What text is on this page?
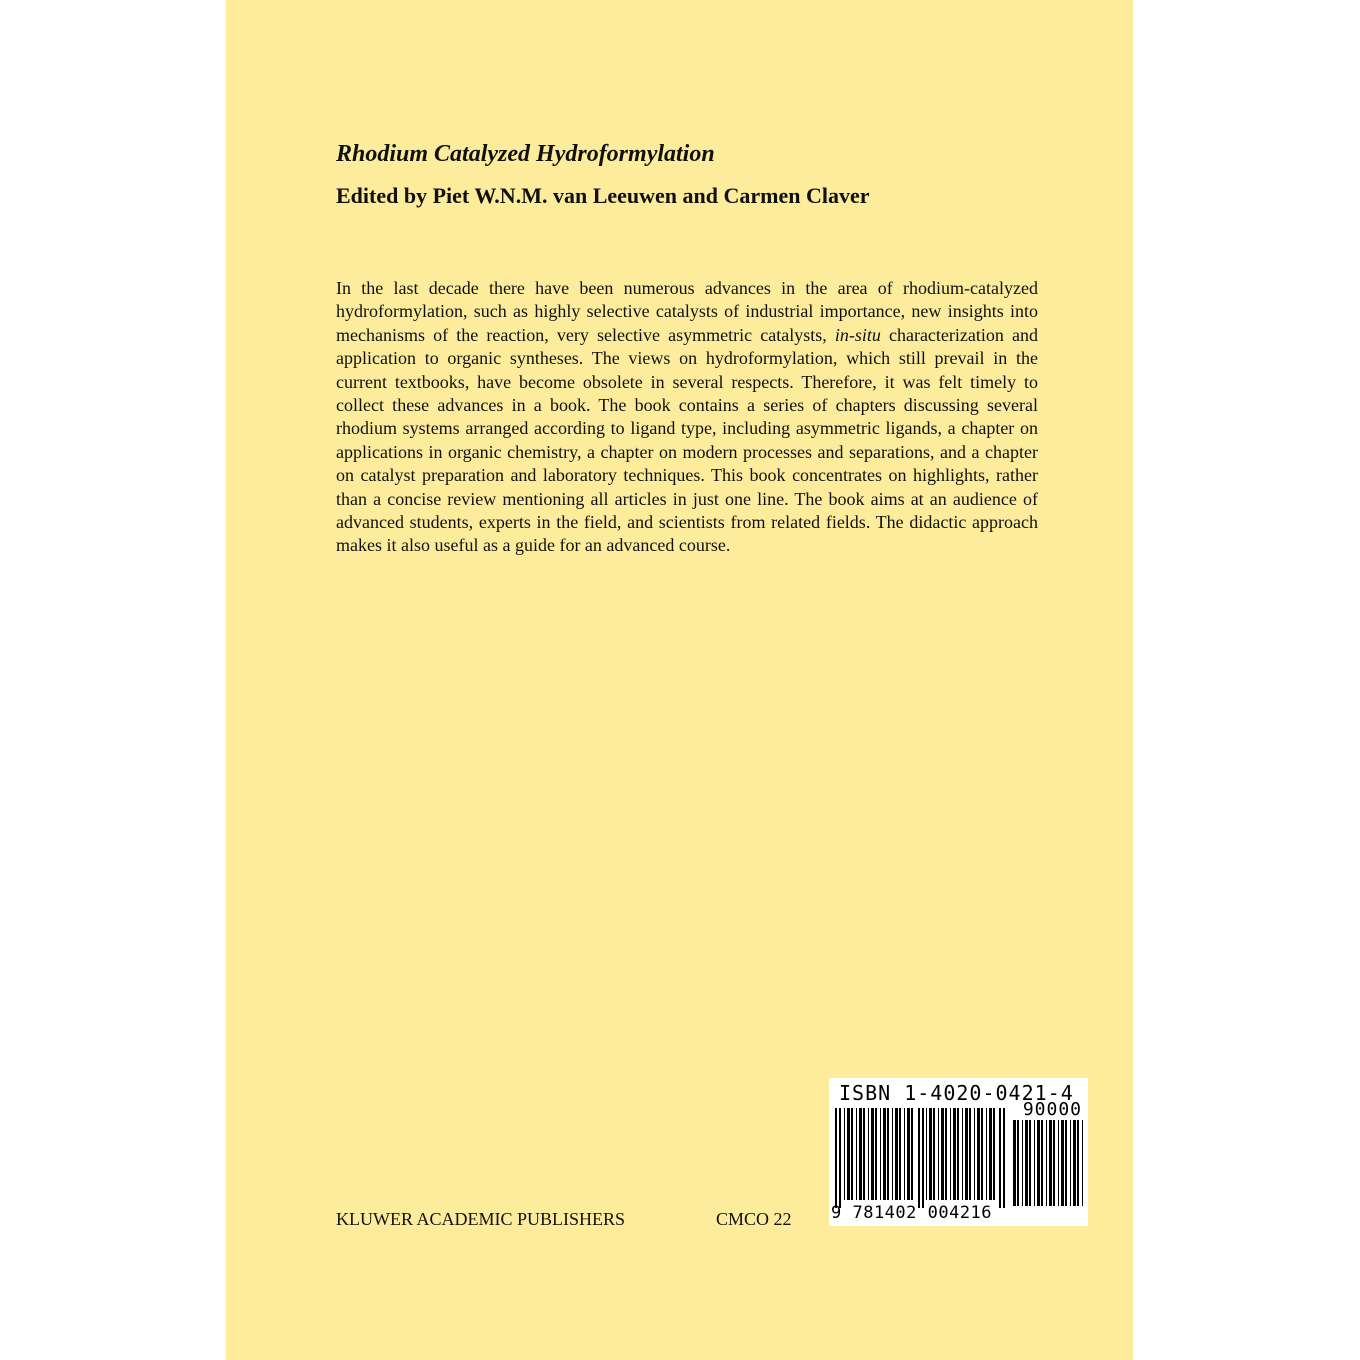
Rhodium Catalyzed Hydroformylation
Edited by Piet W.N.M. van Leeuwen and Carmen Claver

In the last decade there have been numerous advances in the area of rhodium-catalyzed hydroformylation, such as highly selective catalysts of industrial importance, new insights into mechanisms of the reaction, very selective asymmetric catalysts, in-situ characterization and application to organic syntheses. The views on hydroformylation, which still prevail in the current textbooks, have become obsolete in several respects. Therefore, it was felt timely to collect these advances in a book. The book contains a series of chapters discussing several rhodium systems arranged according to ligand type, including asymmetric ligands, a chapter on applications in organic chemistry, a chapter on modern processes and separations, and a chapter on catalyst preparation and laboratory techniques. This book concentrates on highlights, rather than a concise review mentioning all articles in just one line. The book aims at an audience of advanced students, experts in the field, and scientists from related fields. The didactic approach makes it also useful as a guide for an advanced course.

KLUWER ACADEMIC PUBLISHERS	CMCO 22
ISBN 1-4020-0421-4
90000
9 781402 004216
